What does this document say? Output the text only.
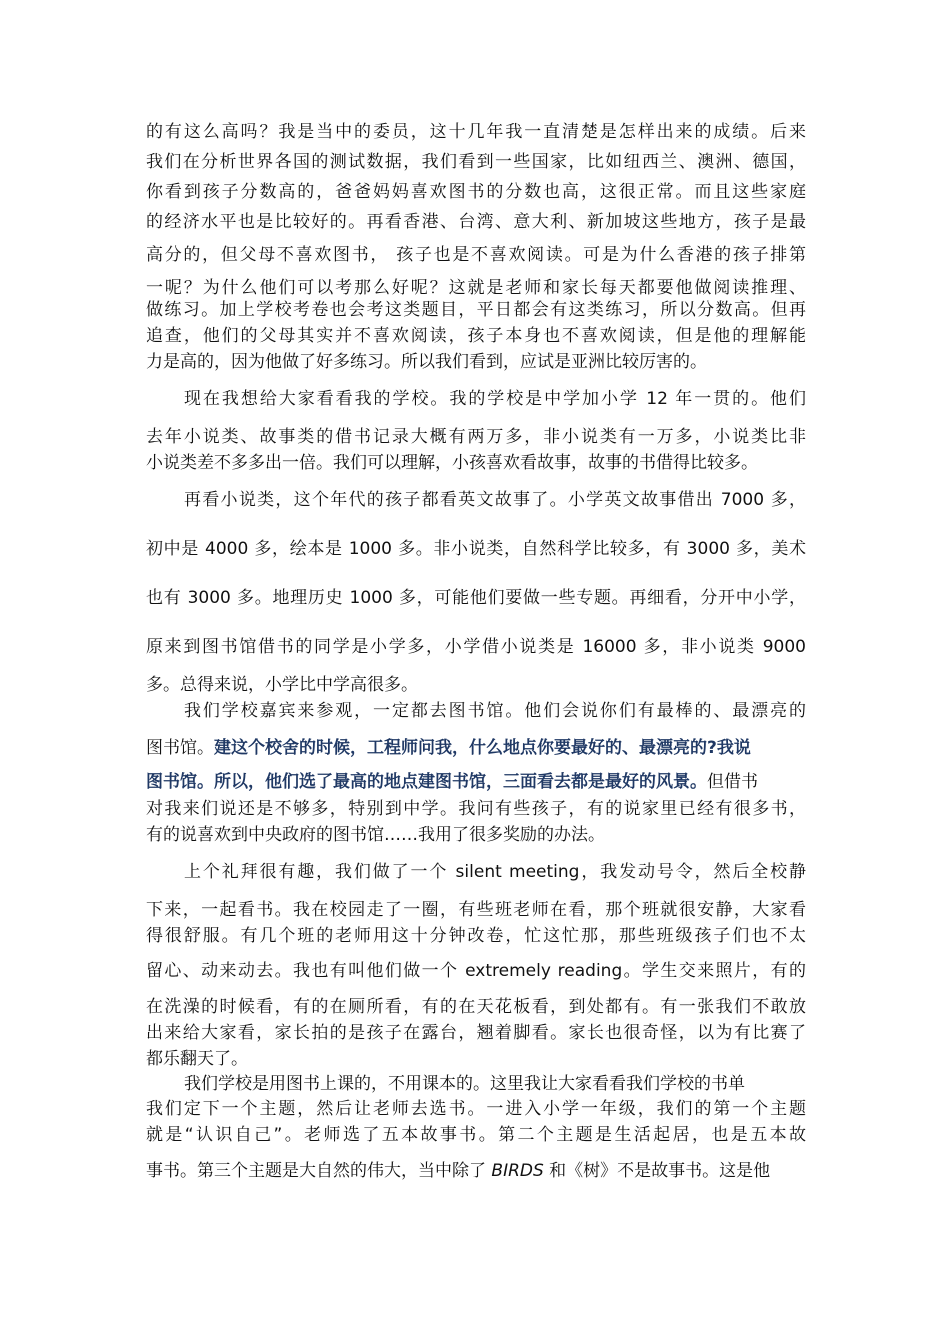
的有这么高吗？我是当中的委员，这十几年我一直清楚是怎样出来的成绩。后来
我们在分析世界各国的测试数据，我们看到一些国家，比如纽西兰、澳洲、德国，
你看到孩子分数高的，爸爸妈妈喜欢图书的分数也高，这很正常。而且这些家庭
的经济水平也是比较好的。再看香港、台湾、意大利、新加坡这些地方，孩子是最
高分的，但父母不喜欢图书， 孩子也是不喜欢阅读。可是为什么香港的孩子排第
一呢？为什么他们可以考那么好呢？这就是老师和家长每天都要他做阅读推理、
做练习。加上学校考卷也会考这类题目，平日都会有这类练习，所以分数高。但再
追查，他们的父母其实并不喜欢阅读，孩子本身也不喜欢阅读，但是他的理解能
力是高的，因为他做了好多练习。所以我们看到，应试是亚洲比较厉害的。
现在我想给大家看看我的学校。我的学校是中学加小学 12 年一贯的。他们
去年小说类、故事类的借书记录大概有两万多，非小说类有一万多，小说类比非
小说类差不多多出一倍。我们可以理解，小孩喜欢看故事，故事的书借得比较多。
再看小说类，这个年代的孩子都看英文故事了。小学英文故事借出 7000 多，
初中是 4000 多，绘本是 1000 多。非小说类，自然科学比较多，有 3000 多，美术
也有 3000 多。地理历史 1000 多，可能他们要做一些专题。再细看，分开中小学，
原来到图书馆借书的同学是小学多，小学借小说类是 16000 多，非小说类 9000
多。总得来说，小学比中学高很多。
我们学校嘉宾来参观，一定都去图书馆。他们会说你们有最棒的、最漂亮的
图书馆。建这个校舍的时候，工程师问我，什么地点你要最好的、最漂亮的?我说
图书馆。所以，他们选了最高的地点建图书馆，三面看去都是最好的风景。但借书
对我来们说还是不够多，特别到中学。我问有些孩子，有的说家里已经有很多书，
有的说喜欢到中央政府的图书馆……我用了很多奖励的办法。
上个礼拜很有趣，我们做了一个 silent meeting，我发动号令，然后全校静
下来，一起看书。我在校园走了一圈，有些班老师在看，那个班就很安静，大家看
得很舒服。有几个班的老师用这十分钟改卷，忙这忙那，那些班级孩子们也不太
留心、动来动去。我也有叫他们做一个 extremely reading。学生交来照片，有的
在洗澡的时候看，有的在厕所看，有的在天花板看，到处都有。有一张我们不敢放
出来给大家看，家长拍的是孩子在露台，翘着脚看。家长也很奇怪，以为有比赛了
都乐翻天了。
我们学校是用图书上课的，不用课本的。这里我让大家看看我们学校的书单
我们定下一个主题，然后让老师去选书。一进入小学一年级，我们的第一个主题
就是“认识自己”。老师选了五本故事书。第二个主题是生活起居，也是五本故
事书。第三个主题是大自然的伟大，当中除了 BIRDS 和《树》不是故事书。这是他
